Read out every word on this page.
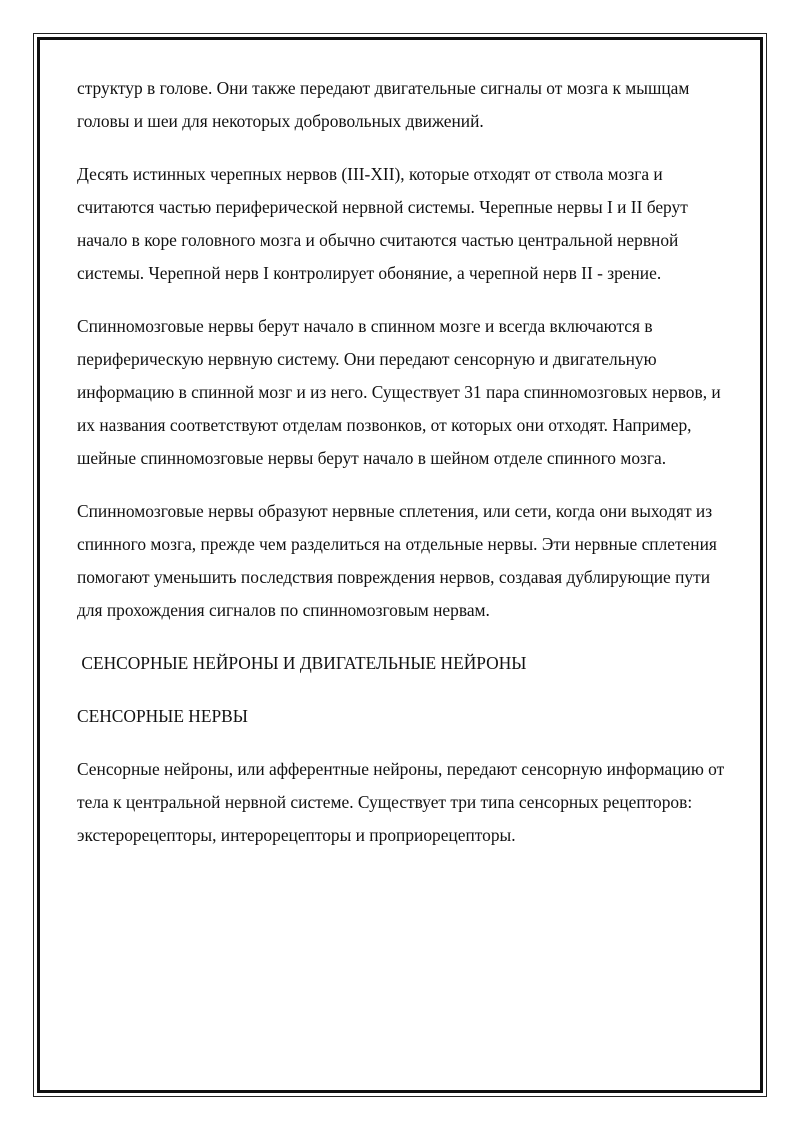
структур в голове. Они также передают двигательные сигналы от мозга к мышцам головы и шеи для некоторых добровольных движений.

Десять истинных черепных нервов (III-XII), которые отходят от ствола мозга и считаются частью периферической нервной системы. Черепные нервы I и II берут начало в коре головного мозга и обычно считаются частью центральной нервной системы. Черепной нерв I контролирует обоняние, а черепной нерв II - зрение.

Спинномозговые нервы берут начало в спинном мозге и всегда включаются в периферическую нервную систему. Они передают сенсорную и двигательную информацию в спинной мозг и из него. Существует 31 пара спинномозговых нервов, и их названия соответствуют отделам позвонков, от которых они отходят. Например, шейные спинномозговые нервы берут начало в шейном отделе спинного мозга.

Спинномозговые нервы образуют нервные сплетения, или сети, когда они выходят из спинного мозга, прежде чем разделиться на отдельные нервы. Эти нервные сплетения помогают уменьшить последствия повреждения нервов, создавая дублирующие пути для прохождения сигналов по спинномозговым нервам.

СЕНСОРНЫЕ НЕЙРОНЫ И ДВИГАТЕЛЬНЫЕ НЕЙРОНЫ
СЕНСОРНЫЕ НЕРВЫ

Сенсорные нейроны, или афферентные нейроны, передают сенсорную информацию от тела к центральной нервной системе. Существует три типа сенсорных рецепторов: экстерорецепторы, интерорецепторы и проприорецепторы.
